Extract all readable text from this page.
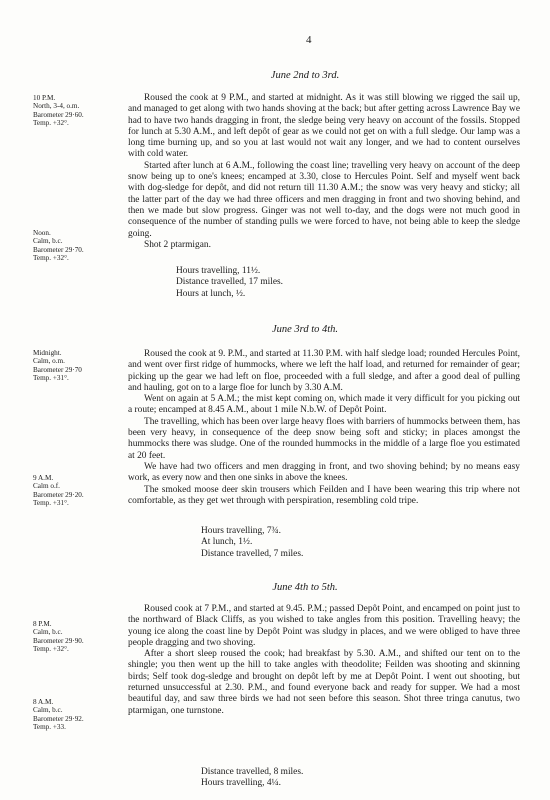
4
June 2nd to 3rd.
10 P.M.
North, 3-4, o.m.
Barometer 29·60.
Temp. +32°.
Noon.
Calm, b.c.
Barometer 29·70.
Temp. +32°.

Roused the cook at 9 P.M., and started at midnight. As it was still blowing we rigged the sail up, and managed to get along with two hands shoving at the back; but after getting across Lawrence Bay we had to have two hands dragging in front, the sledge being very heavy on account of the fossils. Stopped for lunch at 5.30 A.M., and left depôt of gear as we could not get on with a full sledge. Our lamp was a long time burning up, and so you at last would not wait any longer, and we had to content ourselves with cold water.

Started after lunch at 6 A.M., following the coast line; travelling very heavy on account of the deep snow being up to one's knees; encamped at 3.30, close to Hercules Point. Self and myself went back with dog-sledge for depôt, and did not return till 11.30 A.M.; the snow was very heavy and sticky; all the latter part of the day we had three officers and men dragging in front and two shoving behind, and then we made but slow progress. Ginger was not well to-day, and the dogs were not much good in consequence of the number of standing pulls we were forced to have, not being able to keep the sledge going.

Shot 2 ptarmigan.

Hours travelling, 11½.
Distance travelled, 17 miles.
Hours at lunch, ½.
June 3rd to 4th.
Midnight.
Calm, o.m.
Barometer 29·70
Temp. +31°.
9 A.M.
Calm o.f.
Barometer 29·20.
Temp. +31°.

Roused the cook at 9. P.M., and started at 11.30 P.M. with half sledge load; rounded Hercules Point, and went over first ridge of hummocks, where we left the half load, and returned for remainder of gear; picking up the gear we had left on floe, proceeded with a full sledge, and after a good deal of pulling and hauling, got on to a large floe for lunch by 3.30 A.M.

Went on again at 5 A.M.; the mist kept coming on, which made it very difficult for you picking out a route; encamped at 8.45 A.M., about 1 mile N.b.W. of Depôt Point.

The travelling, which has been over large heavy floes with barriers of hummocks between them, has been very heavy, in consequence of the deep snow being soft and sticky; in places amongst the hummocks there was sludge. One of the rounded hummocks in the middle of a large floe you estimated at 20 feet.

We have had two officers and men dragging in front, and two shoving behind; by no means easy work, as every now and then one sinks in above the knees.

The smoked moose deer skin trousers which Feilden and I have been wearing this trip where not comfortable, as they get wet through with perspiration, resembling cold tripe.

Hours travelling, 7¾.
At lunch, 1½.
Distance travelled, 7 miles.
June 4th to 5th.
8 P.M.
Calm, b.c.
Barometer 29·90.
Temp. +32°.
8 A.M.
Calm, b.c.
Barometer 29·92.
Temp. +33.

Roused cook at 7 P.M., and started at 9.45. P.M.; passed Depôt Point, and encamped on point just to the northward of Black Cliffs, as you wished to take angles from this position. Travelling heavy; the young ice along the coast line by Depôt Point was sludgy in places, and we were obliged to have three people dragging and two shoving.

After a short sleep roused the cook; had breakfast by 5.30. A.M., and shifted our tent on to the shingle; you then went up the hill to take angles with theodolite; Feilden was shooting and skinning birds; Self took dog-sledge and brought on depôt left by me at Depôt Point. I went out shooting, but returned unsuccessful at 2.30. P.M., and found everyone back and ready for supper. We had a most beautiful day, and saw three birds we had not seen before this season. Shot three tringa canutus, two ptarmigan, one turnstone.

Distance travelled, 8 miles.
Hours travelling, 4¼.
